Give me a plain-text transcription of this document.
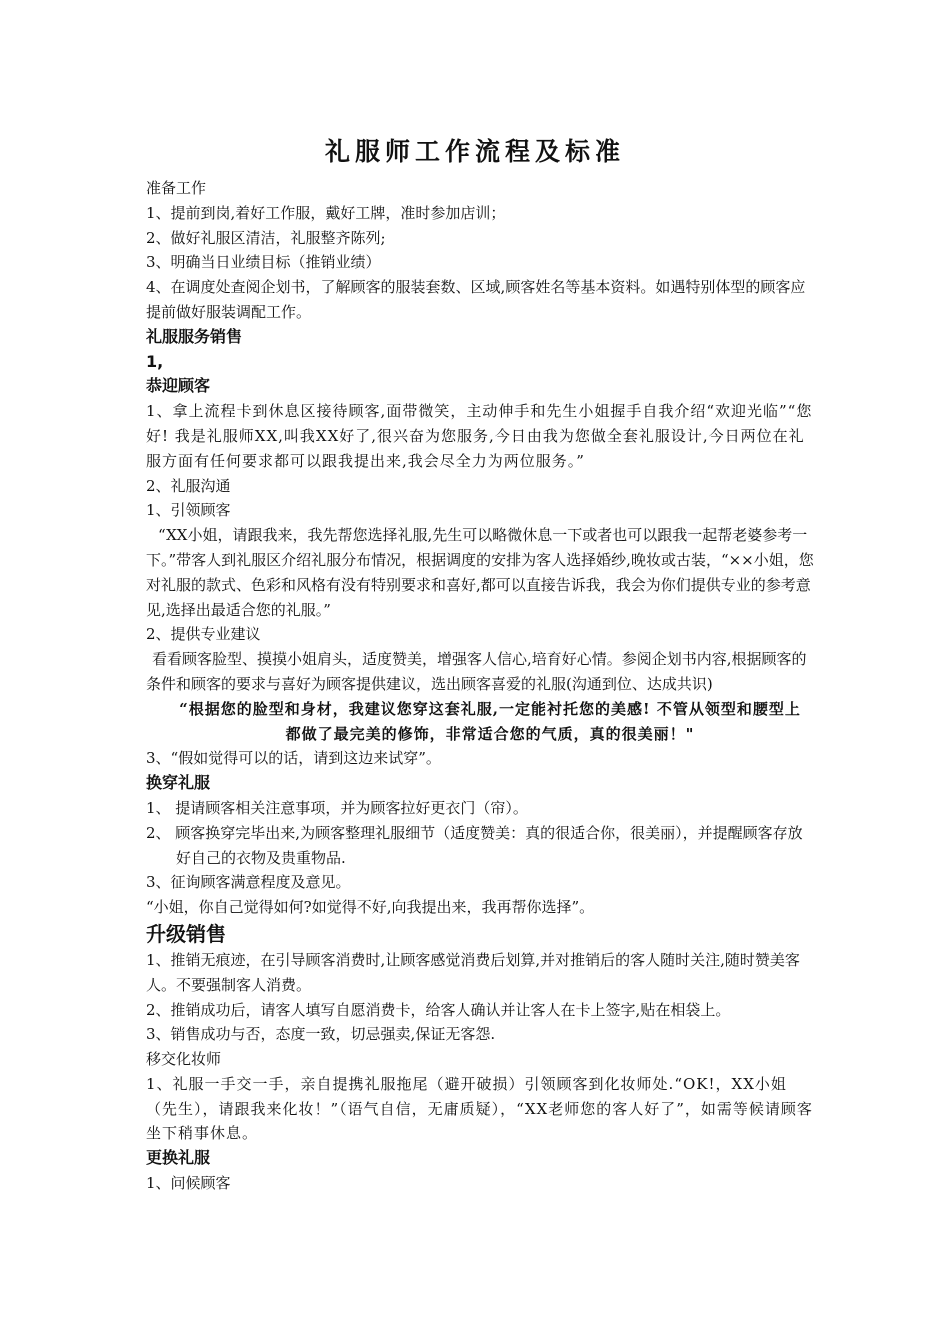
礼服师工作流程及标准

准备工作

1、提前到岗,着好工作服，戴好工牌，准时参加店训；

2、做好礼服区清洁，礼服整齐陈列;

3、明确当日业绩目标（推销业绩）

4、在调度处查阅企划书，了解顾客的服装套数、区域,顾客姓名等基本资料。如遇特别体型的顾客应提前做好服装调配工作。

礼服服务销售

1,

恭迎顾客

1、拿上流程卡到休息区接待顾客,面带微笑，主动伸手和先生小姐握手自我介绍“欢迎光临”“您好! 我是礼服师XX,叫我XX好了,很兴奋为您服务,今日由我为您做全套礼服设计,今日两位在礼服方面有任何要求都可以跟我提出来,我会尽全力为两位服务。”

2、礼服沟通

1、引领顾客

“XX小姐，请跟我来，我先帮您选择礼服,先生可以略微休息一下或者也可以跟我一起帮老婆参考一下。”带客人到礼服区介绍礼服分布情况，根据调度的安排为客人选择婚纱,晚妆或古装，“××小姐，您对礼服的款式、色彩和风格有没有特别要求和喜好,都可以直接告诉我，我会为你们提供专业的参考意见,选择出最适合您的礼服。”

2、提供专业建议

看看顾客脸型、摸摸小姐肩头，适度赞美，增强客人信心,培育好心情。参阅企划书内容,根据顾客的条件和顾客的要求与喜好为顾客提供建议，选出顾客喜爱的礼服(沟通到位、达成共识)

“根据您的脸型和身材，我建议您穿这套礼服,一定能衬托您的美感! 不管从领型和腰型上都做了最完美的修饰，非常适合您的气质，真的很美丽！"

3、“假如觉得可以的话，请到这边来试穿”。

换穿礼服

1、 提请顾客相关注意事项，并为顾客拉好更衣门（帘）。

2、 顾客换穿完毕出来,为顾客整理礼服细节（适度赞美：真的很适合你，很美丽），并提醒顾客存放好自己的衣物及贵重物品.

3、征询顾客满意程度及意见。

“小姐，你自己觉得如何?如觉得不好,向我提出来，我再帮你选择”。

升级销售

1、推销无痕迹，在引导顾客消费时,让顾客感觉消费后划算,并对推销后的客人随时关注,随时赞美客人。不要强制客人消费。

2、推销成功后，请客人填写自愿消费卡，给客人确认并让客人在卡上签字,贴在相袋上。

3、销售成功与否，态度一致，切忌强卖,保证无客怨.

移交化妆师

1、礼服一手交一手，亲自提携礼服拖尾（避开破损）引领顾客到化妆师处.“OK!，XX小姐（先生），请跟我来化妆！”（语气自信，无庸质疑），“XX老师您的客人好了”，如需等候请顾客坐下稍事休息。

更换礼服

1、问候顾客
